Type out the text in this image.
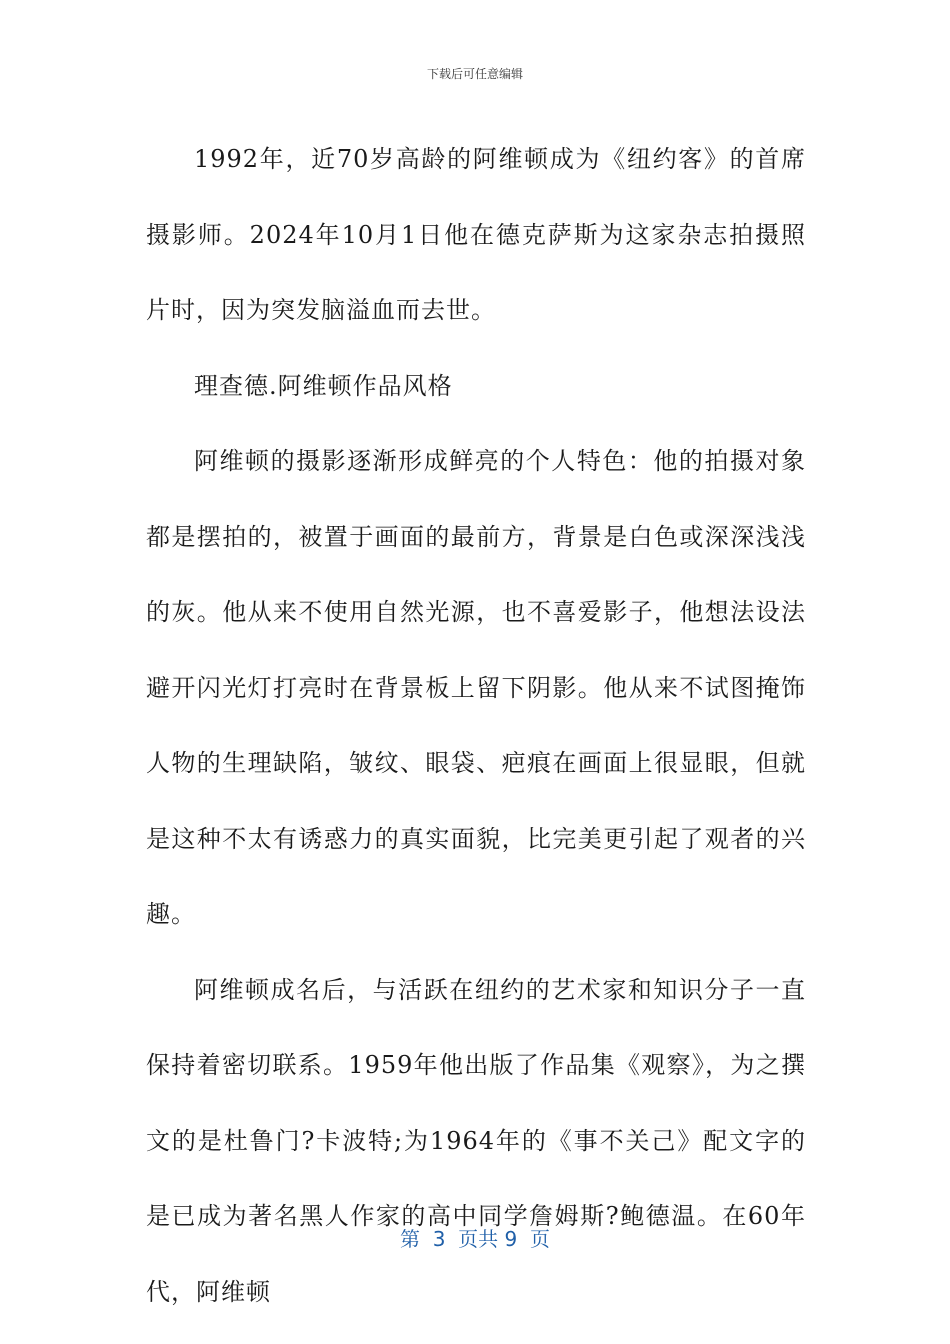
下载后可任意编辑

1992年，近70岁高龄的阿维顿成为《纽约客》的首席摄影师。2024年10月1日他在德克萨斯为这家杂志拍摄照片时，因为突发脑溢血而去世。

理查德.阿维顿作品风格

阿维顿的摄影逐渐形成鲜亮的个人特色：他的拍摄对象都是摆拍的，被置于画面的最前方，背景是白色或深深浅浅的灰。他从来不使用自然光源，也不喜爱影子，他想法设法避开闪光灯打亮时在背景板上留下阴影。他从来不试图掩饰人物的生理缺陷，皱纹、眼袋、疤痕在画面上很显眼，但就是这种不太有诱惑力的真实面貌，比完美更引起了观者的兴趣。

阿维顿成名后，与活跃在纽约的艺术家和知识分子一直保持着密切联系。1959年他出版了作品集《观察》，为之撰文的是杜鲁门?卡波特;为1964年的《事不关己》配文字的是已成为著名黑人作家的高中同学詹姆斯?鲍德温。在60年代，阿维顿

第  3  页共 9  页
